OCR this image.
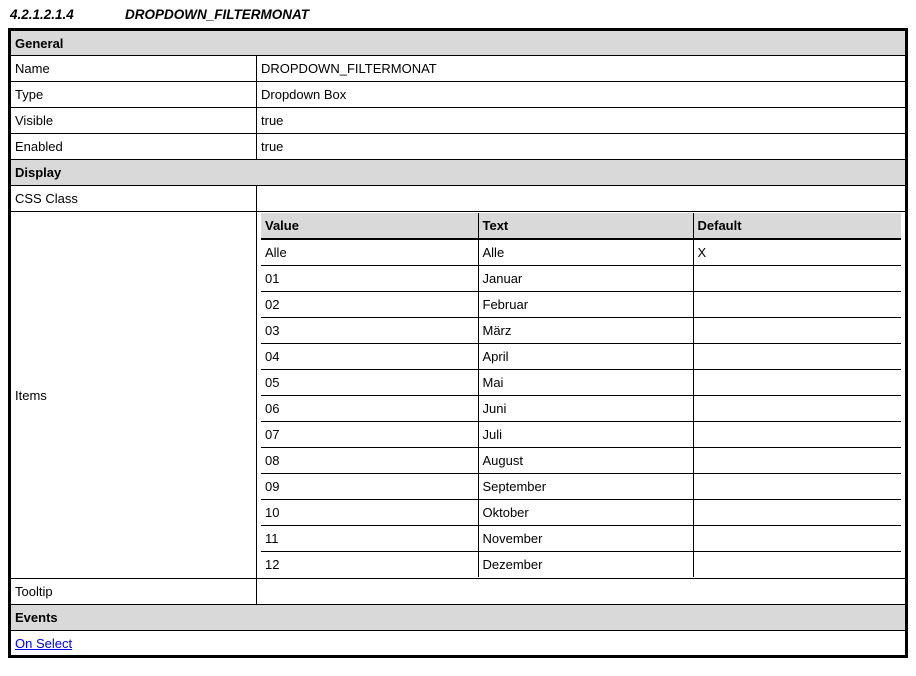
4.2.1.2.1.4	DROPDOWN_FILTERMONAT
General
Name	DROPDOWN_FILTERMONAT
Type	Dropdown Box
Visible	true
Enabled	true
Display
CSS Class	
Items	
Value	Text	Default
Alle	Alle	X
01	Januar	
02	Februar	
03	März	
04	April	
05	Mai	
06	Juni	
07	Juli	
08	August	
09	September	
10	Oktober	
11	November	
12	Dezember	

Tooltip	
Events
On Select
